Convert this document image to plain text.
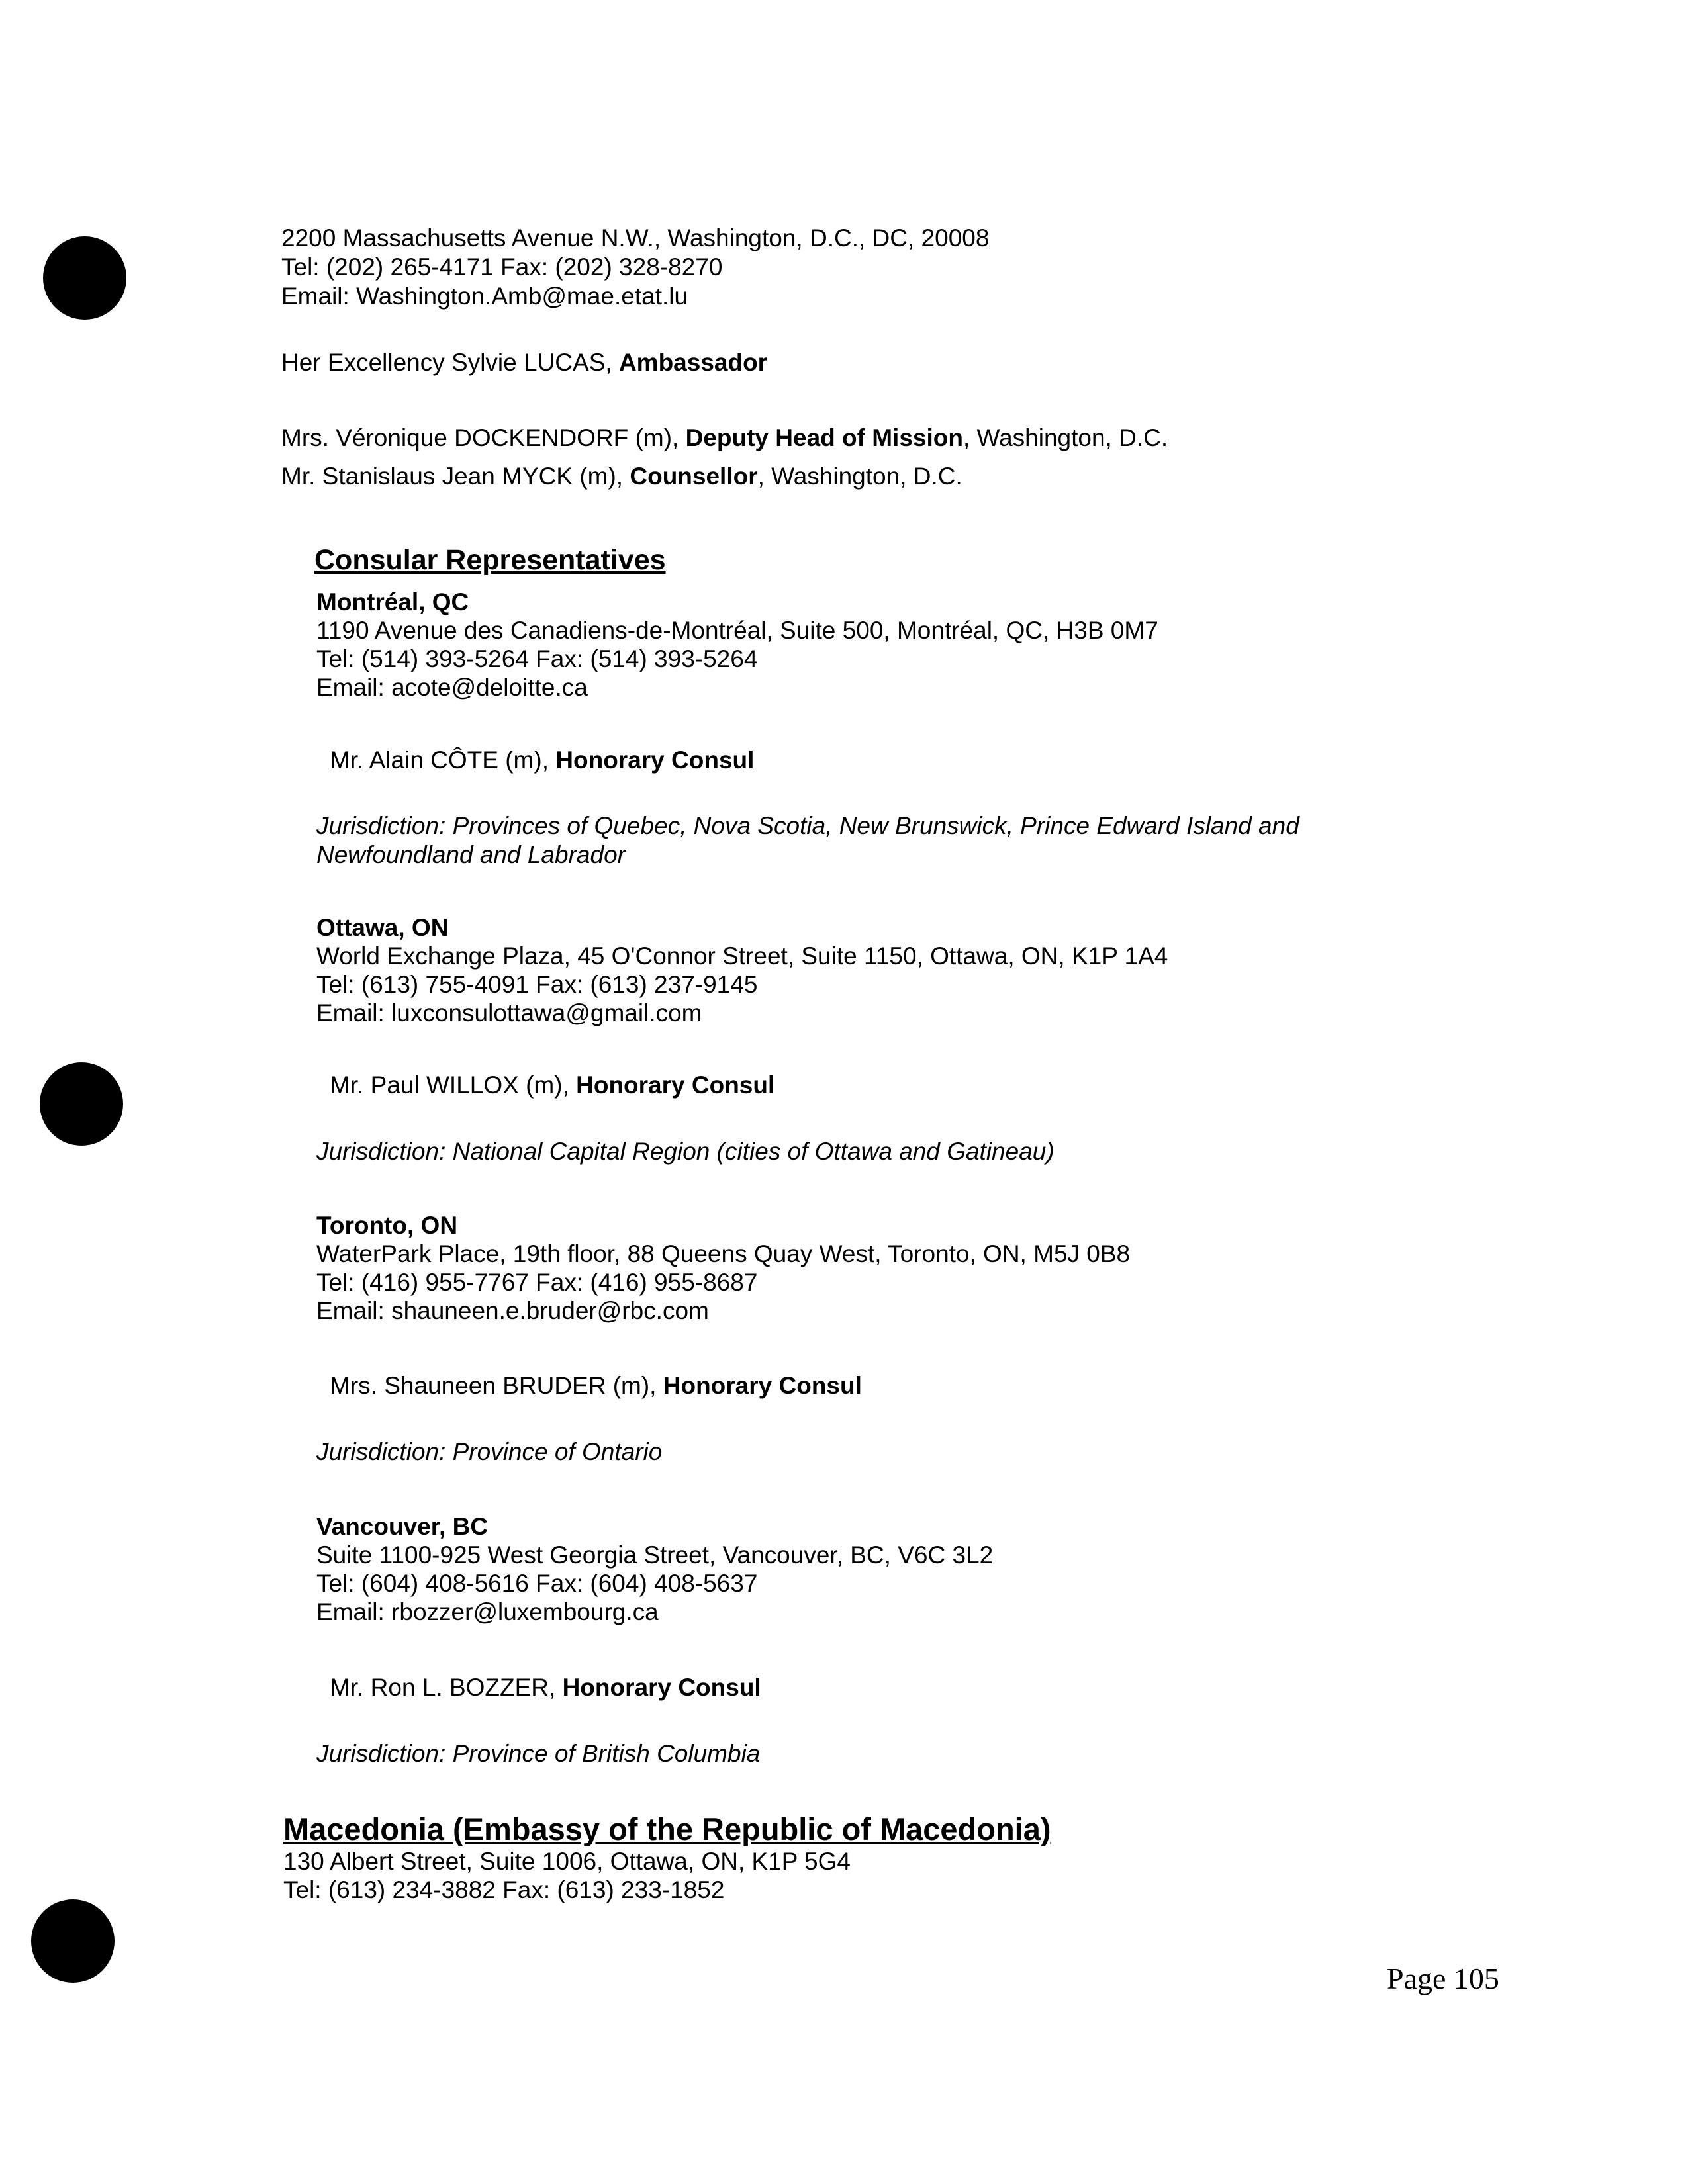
2200 Massachusetts Avenue N.W., Washington, D.C., DC, 20008
Tel: (202) 265-4171 Fax: (202) 328-8270
Email: Washington.Amb@mae.etat.lu
Her Excellency Sylvie LUCAS, Ambassador
Mrs. Véronique DOCKENDORF (m), Deputy Head of Mission, Washington, D.C.
Mr. Stanislaus Jean MYCK (m), Counsellor, Washington, D.C.
Consular Representatives
Montréal, QC
1190 Avenue des Canadiens-de-Montréal, Suite 500, Montréal, QC, H3B 0M7
Tel: (514) 393-5264 Fax: (514) 393-5264
Email: acote@deloitte.ca
Mr. Alain CÔTE (m), Honorary Consul
Jurisdiction: Provinces of Quebec, Nova Scotia, New Brunswick, Prince Edward Island and
Newfoundland and Labrador
Ottawa, ON
World Exchange Plaza, 45 O'Connor Street, Suite 1150, Ottawa, ON, K1P 1A4
Tel: (613) 755-4091 Fax: (613) 237-9145
Email: luxconsulottawa@gmail.com
Mr. Paul WILLOX (m), Honorary Consul
Jurisdiction: National Capital Region (cities of Ottawa and Gatineau)
Toronto, ON
WaterPark Place, 19th floor, 88 Queens Quay West, Toronto, ON, M5J 0B8
Tel: (416) 955-7767 Fax: (416) 955-8687
Email: shauneen.e.bruder@rbc.com
Mrs. Shauneen BRUDER (m), Honorary Consul
Jurisdiction: Province of Ontario
Vancouver, BC
Suite 1100-925 West Georgia Street, Vancouver, BC, V6C 3L2
Tel: (604) 408-5616 Fax: (604) 408-5637
Email: rbozzer@luxembourg.ca
Mr. Ron L. BOZZER, Honorary Consul
Jurisdiction: Province of British Columbia
Macedonia (Embassy of the Republic of Macedonia)
130 Albert Street, Suite 1006, Ottawa, ON, K1P 5G4
Tel: (613) 234-3882 Fax: (613) 233-1852
Page 105
